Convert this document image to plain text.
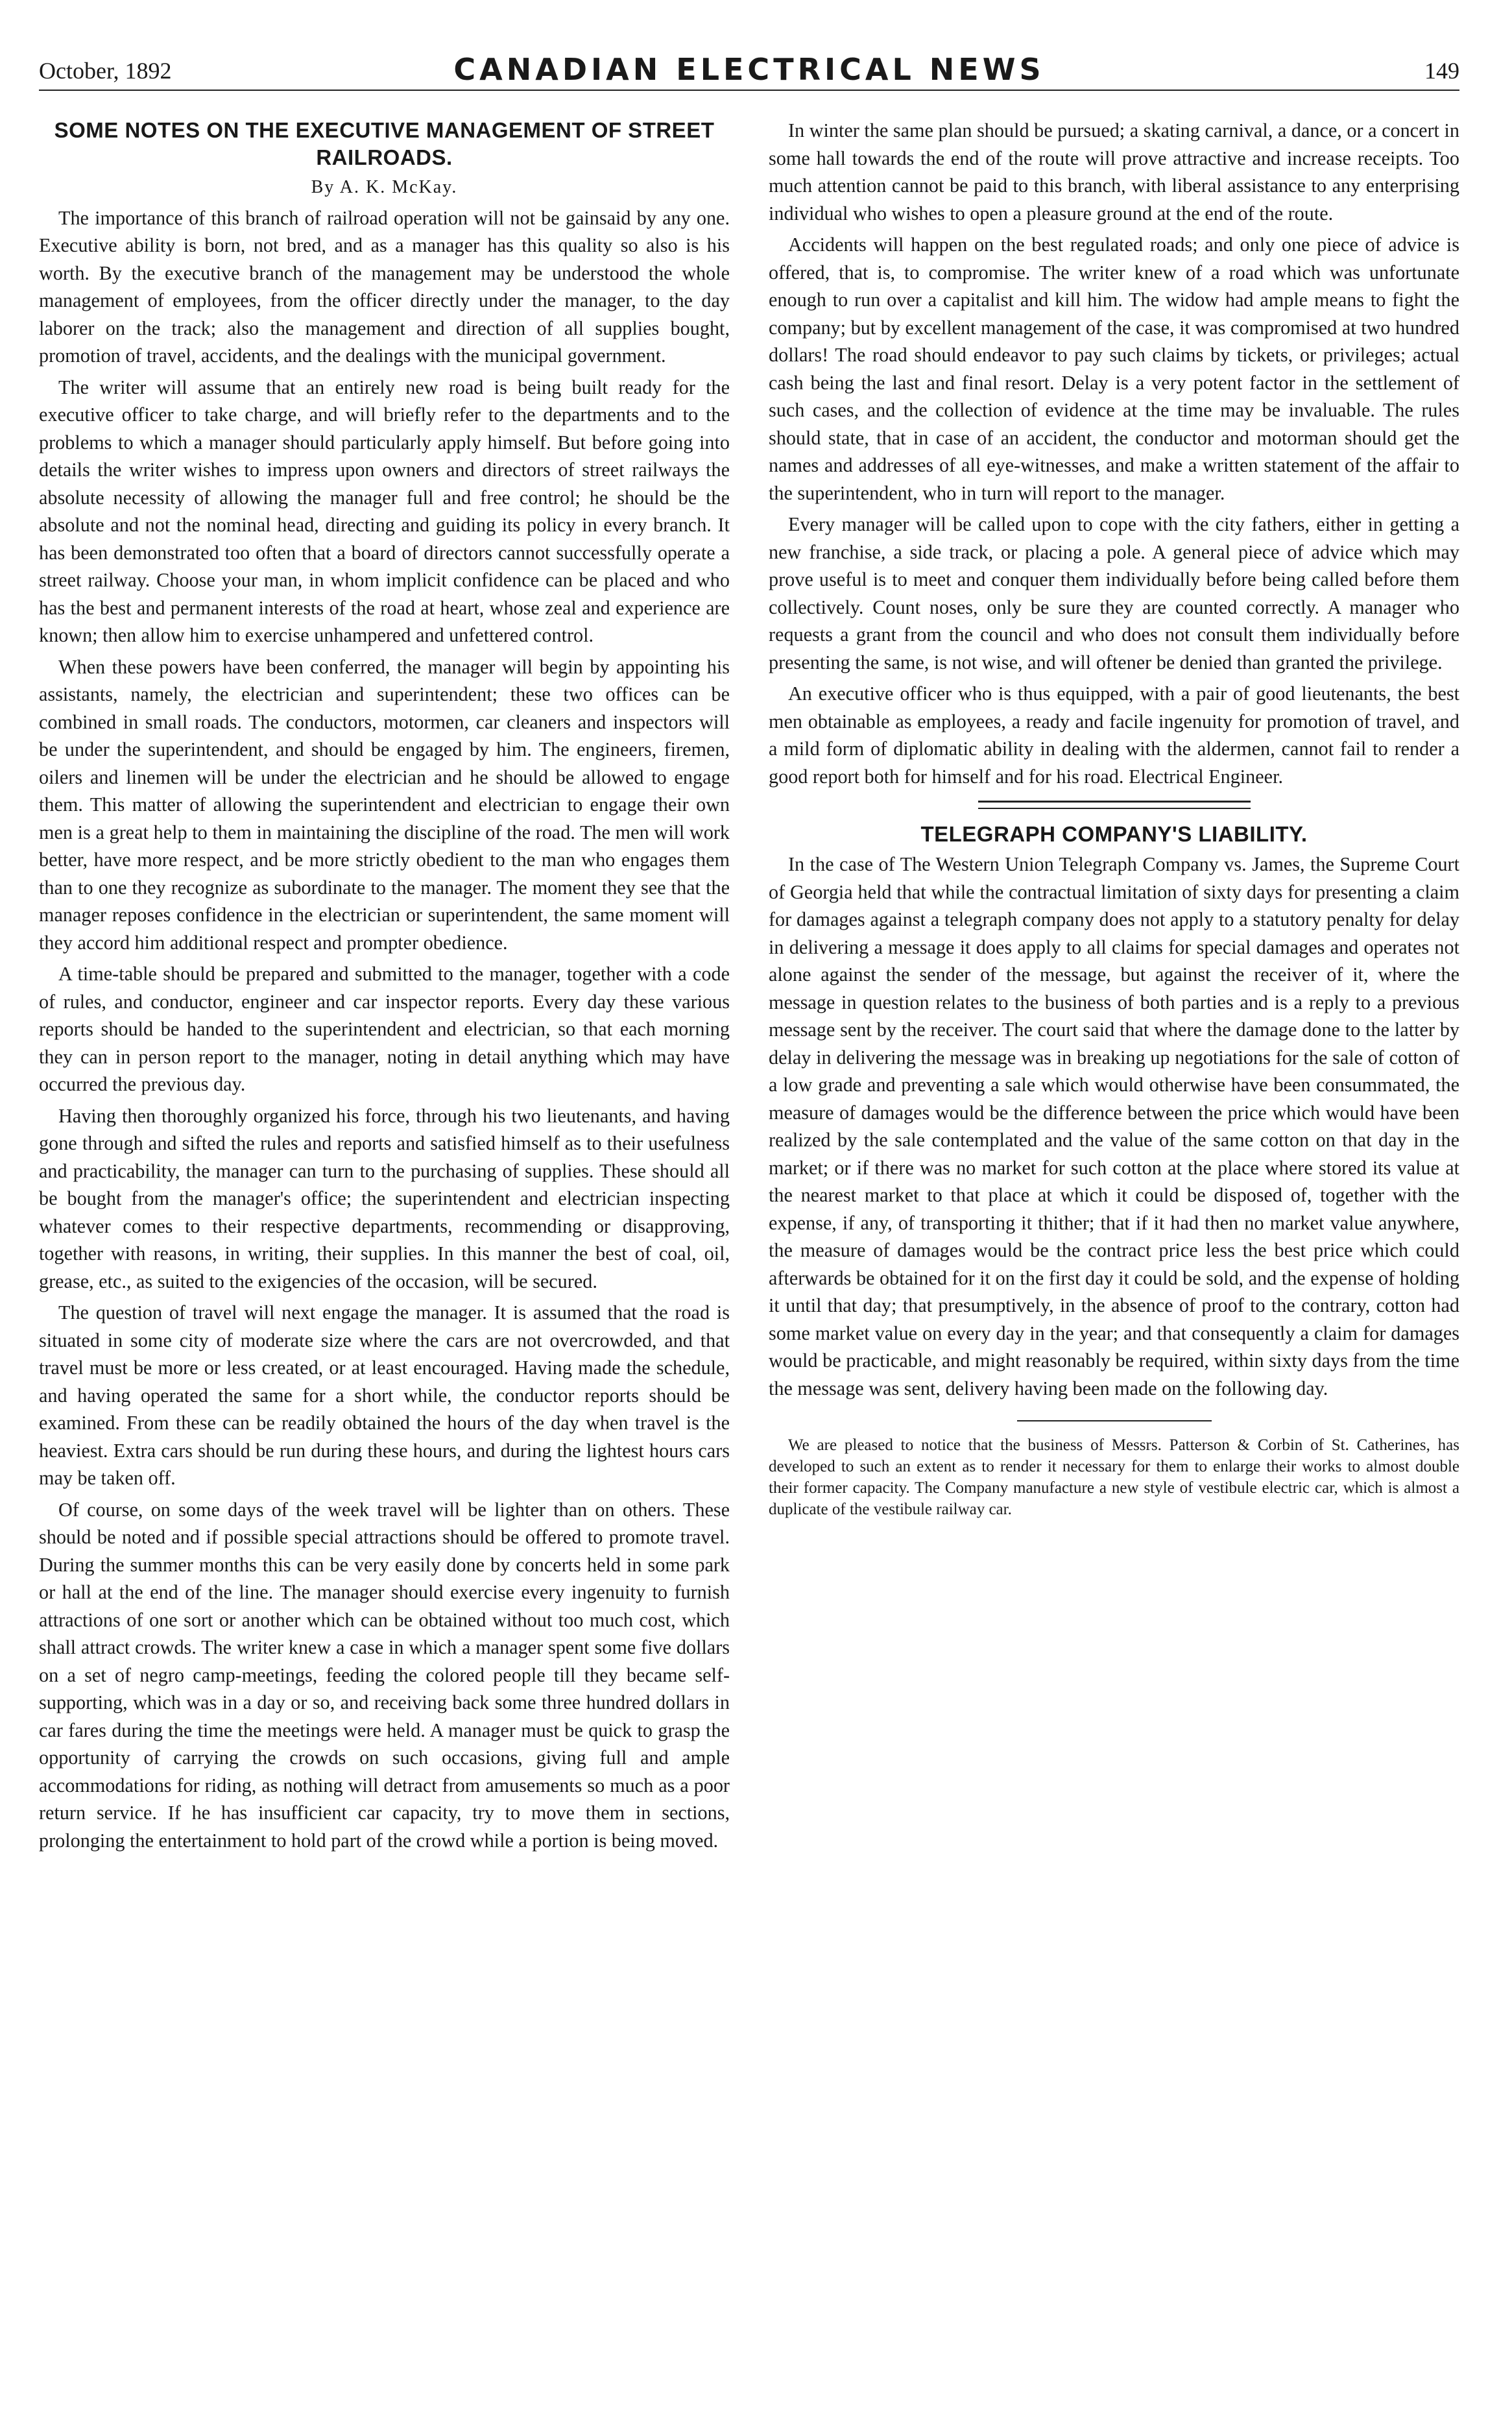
October, 1892	CANADIAN ELECTRICAL NEWS	149
SOME NOTES ON THE EXECUTIVE MANAGEMENT OF STREET RAILROADS.
By A. K. McKay.

The importance of this branch of railroad operation will not be gainsaid by any one. Executive ability is born, not bred, and as a manager has this quality so also is his worth. By the executive branch of the management may be understood the whole management of employees, from the officer directly under the manager, to the day laborer on the track; also the management and direction of all supplies bought, promotion of travel, accidents, and the dealings with the municipal government.

The writer will assume that an entirely new road is being built ready for the executive officer to take charge, and will briefly refer to the departments and to the problems to which a manager should particularly apply himself. But before going into details the writer wishes to impress upon owners and directors of street railways the absolute necessity of allowing the manager full and free control; he should be the absolute and not the nominal head, directing and guiding its policy in every branch. It has been demonstrated too often that a board of directors cannot successfully operate a street railway. Choose your man, in whom implicit confidence can be placed and who has the best and permanent interests of the road at heart, whose zeal and experience are known; then allow him to exercise unhampered and unfettered control.

When these powers have been conferred, the manager will begin by appointing his assistants, namely, the electrician and superintendent; these two offices can be combined in small roads. The conductors, motormen, car cleaners and inspectors will be under the superintendent, and should be engaged by him. The engineers, firemen, oilers and linemen will be under the electrician and he should be allowed to engage them. This matter of allowing the superintendent and electrician to engage their own men is a great help to them in maintaining the discipline of the road. The men will work better, have more respect, and be more strictly obedient to the man who engages them than to one they recognize as subordinate to the manager. The moment they see that the manager reposes confidence in the electrician or superintendent, the same moment will they accord him additional respect and prompter obedience.

A time-table should be prepared and submitted to the manager, together with a code of rules, and conductor, engineer and car inspector reports. Every day these various reports should be handed to the superintendent and electrician, so that each morning they can in person report to the manager, noting in detail anything which may have occurred the previous day.

Having then thoroughly organized his force, through his two lieutenants, and having gone through and sifted the rules and reports and satisfied himself as to their usefulness and practicability, the manager can turn to the purchasing of supplies. These should all be bought from the manager's office; the superintendent and electrician inspecting whatever comes to their respective departments, recommending or disapproving, together with reasons, in writing, their supplies. In this manner the best of coal, oil, grease, etc., as suited to the exigencies of the occasion, will be secured.

The question of travel will next engage the manager. It is assumed that the road is situated in some city of moderate size where the cars are not overcrowded, and that travel must be more or less created, or at least encouraged. Having made the schedule, and having operated the same for a short while, the conductor reports should be examined. From these can be readily obtained the hours of the day when travel is the heaviest. Extra cars should be run during these hours, and during the lightest hours cars may be taken off.

Of course, on some days of the week travel will be lighter than on others. These should be noted and if possible special attractions should be offered to promote travel. During the summer months this can be very easily done by concerts held in some park or hall at the end of the line. The manager should exercise every ingenuity to furnish attractions of one sort or another which can be obtained without too much cost, which shall attract crowds. The writer knew a case in which a manager spent some five dollars on a set of negro camp-meetings, feeding the colored people till they became self-supporting, which was in a day or so, and receiving back some three hundred dollars in car fares during the time the meetings were held. A manager must be quick to grasp the opportunity of carrying the crowds on such occasions, giving full and ample accommodations for riding, as nothing will detract from amusements so much as a poor return service. If he has insufficient car capacity, try to move them in sections, prolonging the entertainment to hold part of the crowd while a portion is being moved.

In winter the same plan should be pursued; a skating carnival, a dance, or a concert in some hall towards the end of the route will prove attractive and increase receipts. Too much attention cannot be paid to this branch, with liberal assistance to any enterprising individual who wishes to open a pleasure ground at the end of the route.

Accidents will happen on the best regulated roads; and only one piece of advice is offered, that is, to compromise. The writer knew of a road which was unfortunate enough to run over a capitalist and kill him. The widow had ample means to fight the company; but by excellent management of the case, it was compromised at two hundred dollars! The road should endeavor to pay such claims by tickets, or privileges; actual cash being the last and final resort. Delay is a very potent factor in the settlement of such cases, and the collection of evidence at the time may be invaluable. The rules should state, that in case of an accident, the conductor and motorman should get the names and addresses of all eye-witnesses, and make a written statement of the affair to the superintendent, who in turn will report to the manager.

Every manager will be called upon to cope with the city fathers, either in getting a new franchise, a side track, or placing a pole. A general piece of advice which may prove useful is to meet and conquer them individually before being called before them collectively. Count noses, only be sure they are counted correctly. A manager who requests a grant from the council and who does not consult them individually before presenting the same, is not wise, and will oftener be denied than granted the privilege.

An executive officer who is thus equipped, with a pair of good lieutenants, the best men obtainable as employees, a ready and facile ingenuity for promotion of travel, and a mild form of diplomatic ability in dealing with the aldermen, cannot fail to render a good report both for himself and for his road. Electrical Engineer.

TELEGRAPH COMPANY'S LIABILITY.

In the case of The Western Union Telegraph Company vs. James, the Supreme Court of Georgia held that while the contractual limitation of sixty days for presenting a claim for damages against a telegraph company does not apply to a statutory penalty for delay in delivering a message it does apply to all claims for special damages and operates not alone against the sender of the message, but against the receiver of it, where the message in question relates to the business of both parties and is a reply to a previous message sent by the receiver. The court said that where the damage done to the latter by delay in delivering the message was in breaking up negotiations for the sale of cotton of a low grade and preventing a sale which would otherwise have been consummated, the measure of damages would be the difference between the price which would have been realized by the sale contemplated and the value of the same cotton on that day in the market; or if there was no market for such cotton at the place where stored its value at the nearest market to that place at which it could be disposed of, together with the expense, if any, of transporting it thither; that if it had then no market value anywhere, the measure of damages would be the contract price less the best price which could afterwards be obtained for it on the first day it could be sold, and the expense of holding it until that day; that presumptively, in the absence of proof to the contrary, cotton had some market value on every day in the year; and that consequently a claim for damages would be practicable, and might reasonably be required, within sixty days from the time the message was sent, delivery having been made on the following day.

We are pleased to notice that the business of Messrs. Patterson & Corbin of St. Catherines, has developed to such an extent as to render it necessary for them to enlarge their works to almost double their former capacity. The Company manufacture a new style of vestibule electric car, which is almost a duplicate of the vestibule railway car.
